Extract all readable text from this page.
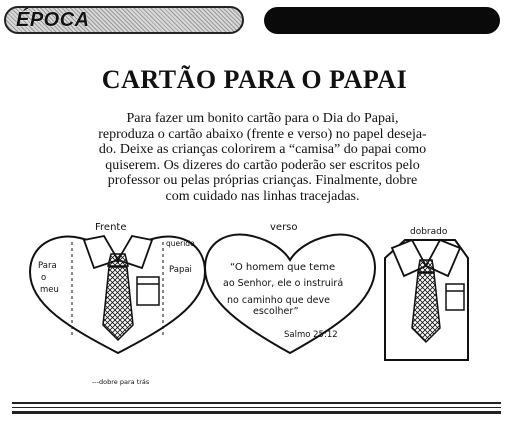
ÉPOCA
CARTÃO PARA O PAPAI
Para fazer um bonito cartão para o Dia do Papai,
reproduza o cartão abaixo (frente e verso) no papel deseja-
do. Deixe as crianças colorirem a “camisa” do papai como
quiserem. Os dizeres do cartão poderão ser escritos pelo
professor ou pelas próprias crianças. Finalmente, dobre
com cuidado nas linhas tracejadas.
Frente
Para
o
meu
querido
Papai
---dobre para trás
verso
“O homem que teme
ao Senhor, ele o instruirá
no caminho que deve
escolher”
Salmo 25:12
dobrado
